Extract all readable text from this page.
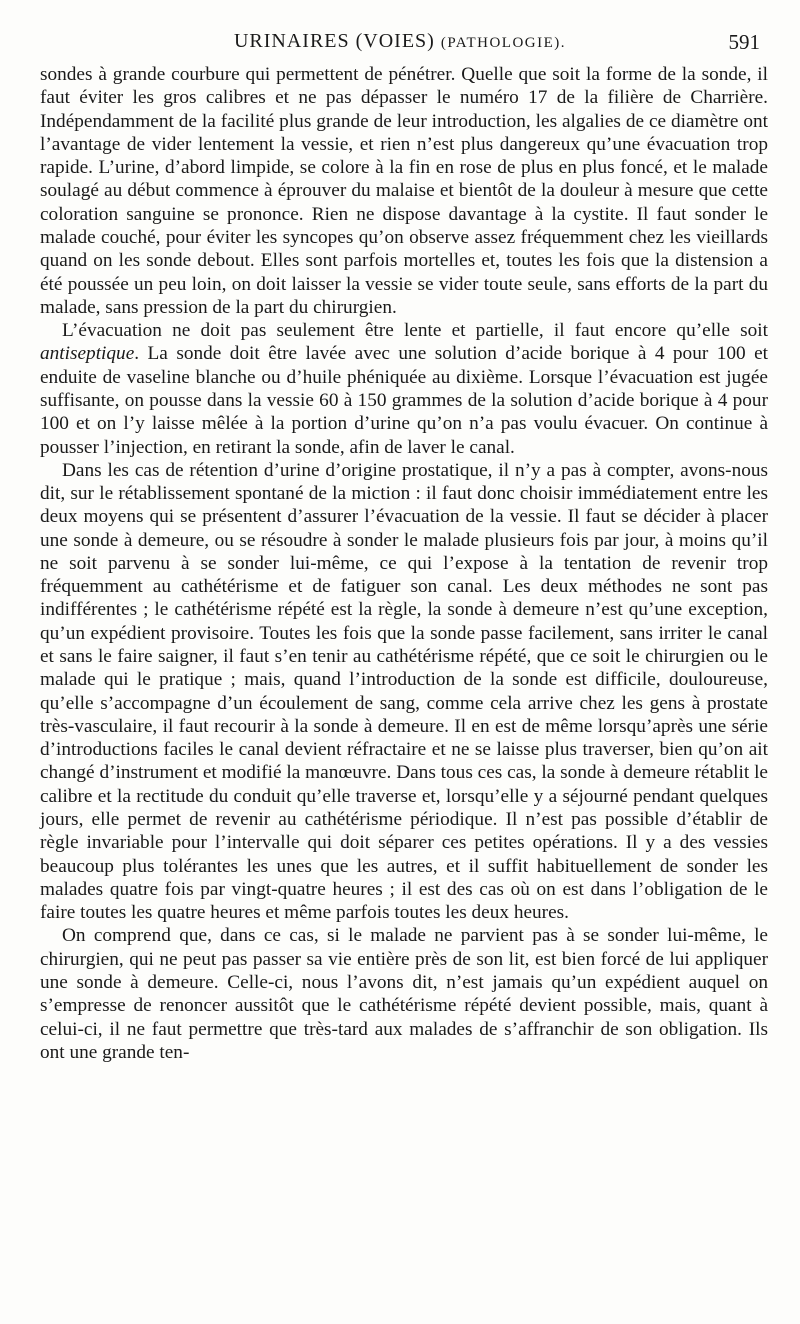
URINAIRES (VOIES) (PATHOLOGIE).	591

sondes à grande courbure qui permettent de pénétrer. Quelle que soit la forme de la sonde, il faut éviter les gros calibres et ne pas dépasser le numéro 17 de la filière de Charrière. Indépendamment de la facilité plus grande de leur introduction, les algalies de ce diamètre ont l’avantage de vider lentement la vessie, et rien n’est plus dangereux qu’une évacuation trop rapide. L’urine, d’abord limpide, se colore à la fin en rose de plus en plus foncé, et le malade soulagé au début commence à éprouver du malaise et bientôt de la douleur à mesure que cette coloration sanguine se prononce. Rien ne dispose davantage à la cystite. Il faut sonder le malade couché, pour éviter les syncopes qu’on observe assez fréquemment chez les vieillards quand on les sonde debout. Elles sont parfois mortelles et, toutes les fois que la distension a été poussée un peu loin, on doit laisser la vessie se vider toute seule, sans efforts de la part du malade, sans pression de la part du chirurgien.

L’évacuation ne doit pas seulement être lente et partielle, il faut encore qu’elle soit antiseptique. La sonde doit être lavée avec une solution d’acide borique à 4 pour 100 et enduite de vaseline blanche ou d’huile phéniquée au dixième. Lorsque l’évacuation est jugée suffisante, on pousse dans la vessie 60 à 150 grammes de la solution d’acide borique à 4 pour 100 et on l’y laisse mêlée à la portion d’urine qu’on n’a pas voulu évacuer. On continue à pousser l’injection, en retirant la sonde, afin de laver le canal.

Dans les cas de rétention d’urine d’origine prostatique, il n’y a pas à compter, avons-nous dit, sur le rétablissement spontané de la miction : il faut donc choisir immédiatement entre les deux moyens qui se présentent d’assurer l’évacuation de la vessie. Il faut se décider à placer une sonde à demeure, ou se résoudre à sonder le malade plusieurs fois par jour, à moins qu’il ne soit parvenu à se sonder lui-même, ce qui l’expose à la tentation de revenir trop fréquemment au cathétérisme et de fatiguer son canal. Les deux méthodes ne sont pas indifférentes ; le cathétérisme répété est la règle, la sonde à demeure n’est qu’une exception, qu’un expédient provisoire. Toutes les fois que la sonde passe facilement, sans irriter le canal et sans le faire saigner, il faut s’en tenir au cathétérisme répété, que ce soit le chirurgien ou le malade qui le pratique ; mais, quand l’introduction de la sonde est difficile, douloureuse, qu’elle s’accompagne d’un écoulement de sang, comme cela arrive chez les gens à prostate très-vasculaire, il faut recourir à la sonde à demeure. Il en est de même lorsqu’après une série d’introductions faciles le canal devient réfractaire et ne se laisse plus traverser, bien qu’on ait changé d’instrument et modifié la manœuvre. Dans tous ces cas, la sonde à demeure rétablit le calibre et la rectitude du conduit qu’elle traverse et, lorsqu’elle y a séjourné pendant quelques jours, elle permet de revenir au cathétérisme périodique. Il n’est pas possible d’établir de règle invariable pour l’intervalle qui doit séparer ces petites opérations. Il y a des vessies beaucoup plus tolérantes les unes que les autres, et il suffit habituellement de sonder les malades quatre fois par vingt-quatre heures ; il est des cas où on est dans l’obligation de le faire toutes les quatre heures et même parfois toutes les deux heures.

On comprend que, dans ce cas, si le malade ne parvient pas à se sonder lui-même, le chirurgien, qui ne peut pas passer sa vie entière près de son lit, est bien forcé de lui appliquer une sonde à demeure. Celle-ci, nous l’avons dit, n’est jamais qu’un expédient auquel on s’empresse de renoncer aussitôt que le cathétérisme répété devient possible, mais, quant à celui-ci, il ne faut permettre que très-tard aux malades de s’affranchir de son obligation. Ils ont une grande ten-
